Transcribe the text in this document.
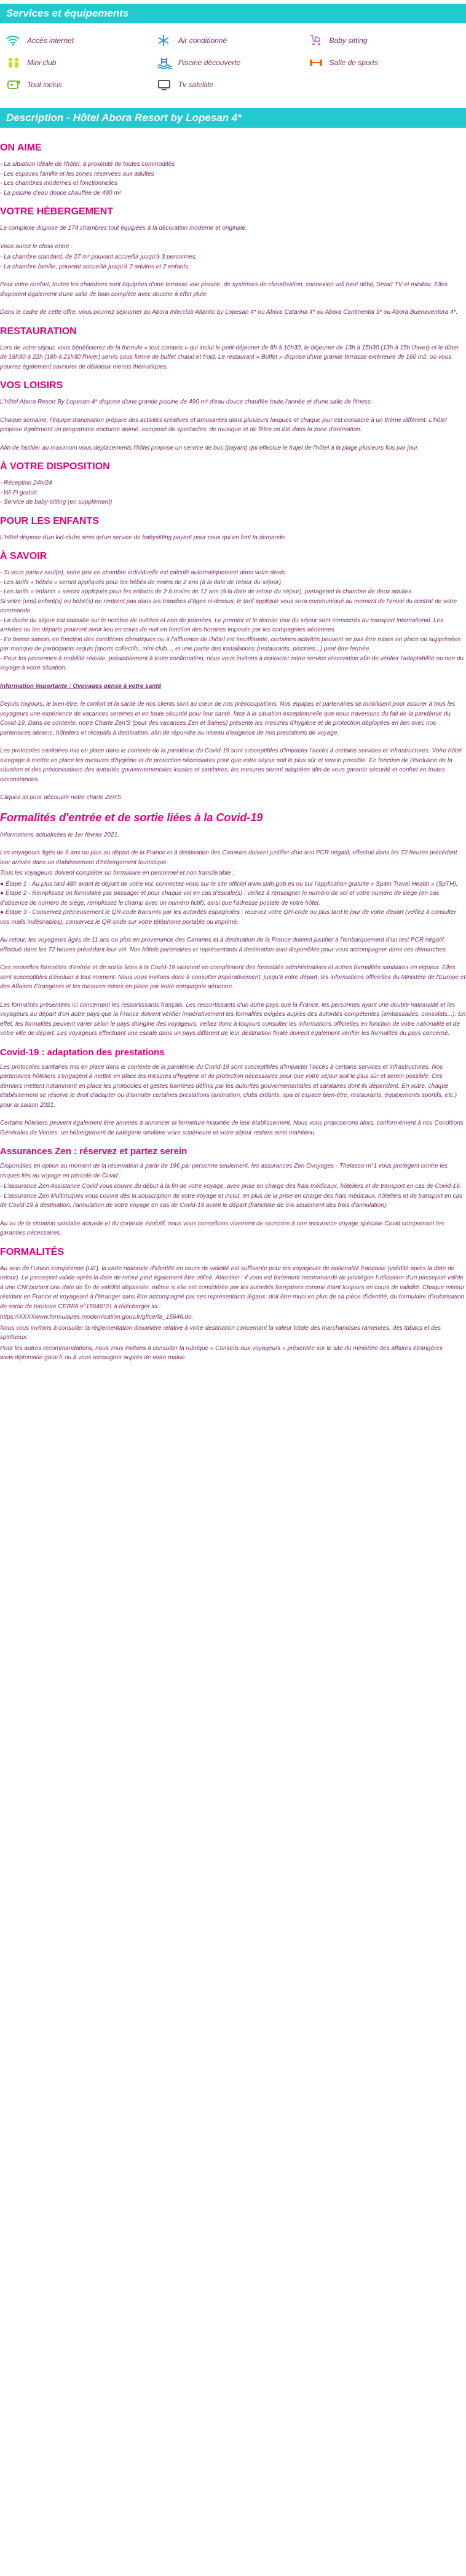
Services et équipements
Accès internet	Air conditionné	Baby sitting
Mini club	Piscine découverte	Salle de sports
Tout inclus	Tv satellite
Description - Hôtel Abora Resort by Lopesan 4*
ON AIME
- La situation idéale de l'hôtel, à proximité de toutes commodités
- Les espaces famille et les zones réservées aux adultes
- Les chambres modernes et fonctionnelles
- La piscine d'eau douce chauffée de 490 m²
VOTRE HÉBERGEMENT

Le complexe dispose de 174 chambres tout équipées à la décoration moderne et originale.

Vous aurez le choix entre :

- La chambre standard, de 27 m² pouvant accueillir jusqu'à 3 personnes,
- La chambre famille, pouvant accueillir jusqu'à 2 adultes et 2 enfants.

Pour votre confort, toutes les chambres sont équipées d'une terrasse vue piscine, de systèmes de climatisation, connexion wifi haut débit, Smart TV et minibar. Elles disposent également d'une salle de bain complète avec douche à effet pluie.

Dans le cadre de cette offre, vous pourrez séjourner au Abora Interclub Atlantic by Lopesan 4* ou Abora Catarina 4* ou Abora Continental 3* ou Abora Buenaventura 4*.

RESTAURATION

Lors de votre séjour, vous bénéficierez de la formule « tout compris » qui inclut le petit-déjeuner de 8h à 10h30, le déjeuner de 13h à 15h30 (13h à 15h l'hiver) et le dîner de 18h30 à 22h (18h à 21h30 l'hiver) servis sous forme de buffet chaud et froid. Le restaurant « Buffet » dispose d'une grande terrasse extérieure de 160 m2, où vous pourrez également savourer de délicieux menus thématiques.

VOS LOISIRS

L'hôtel Abora Resort By Lopesan 4* dispose d'une grande piscine de 490 m² d'eau douce chauffée toute l'année et d'une salle de fitness.

Chaque semaine, l'équipe d'animation prépare des activités créatives et amusantes dans plusieurs langues et chaque jour est consacré à un thème différent. L'hôtel propose également un programme nocturne animé, composé de spectacles, de musique et de fêtes en été dans la zone d'animation.

Afin de faciliter au maximum vous déplacements l'hôtel propose un service de bus (payant) qui effectue le trajet de l'hôtel à la plage plusieurs fois par jour.

À VOTRE DISPOSITION
- Réception 24h/24
- Wi-Fi gratuit
- Service de baby-sitting (en supplément)
POUR LES ENFANTS

L'hôtel dispose d'un kid-clubs ainsi qu'un service de babysitting payant pour ceux qui en font la demande.

À SAVOIR
- Si vous partez seul(e), votre prix en chambre individuelle est calculé automatiquement dans votre devis.
- Les tarifs « bébés » seront appliqués pour les bébés de moins de 2 ans (à la date de retour du séjour).
- Les tarifs « enfants » seront appliqués pour les enfants de 2 à moins de 12 ans (à la date de retour du séjour), partageant la chambre de deux adultes.
Si votre (vos) enfant(s) ou bébé(s) ne rentrent pas dans les tranches d'âges ci-dessus, le tarif appliqué vous sera communiqué au moment de l'envoi du contrat de votre commande.
- La durée du séjour est calculée sur le nombre de nuitées et non de journées. Le premier et le dernier jour du séjour sont consacrés au transport international. Les arrivées ou les départs pourront avoir lieu en cours de nuit en fonction des horaires imposés par les compagnies aériennes.
- En basse saison, en fonction des conditions climatiques ou à l'affluence de l'hôtel est insuffisante, certaines activités peuvent ne pas être mises en place ou supprimées par manque de participants requis (sports collectifs, mini-club..., et une partie des installations (restaurants, piscines...) peut être fermée.
- Pour les personnes à mobilité réduite, préalablement à toute confirmation, nous vous invitons à contacter notre service réservation afin de vérifier l'adaptabilité ou non du voyage à votre situation.

Information importante : Ovoyages pense à votre santé

Depuis toujours, le bien-être, le confort et la santé de nos clients sont au cœur de nos préoccupations. Nos équipes et partenaires se mobilisent pour assurer à tous les voyageurs une expérience de vacances sereines et en toute sécurité pour leur santé, face à la situation exceptionnelle que nous traversons du fait de la pandémie du Covid-19. Dans ce contexte, notre Charte Zen'S (pour des vacances Zen et Saines) présente les mesures d'hygiène et de protection déployées en lien avec nos partenaires aériens, hôteliers et réceptifs à destination, afin de répondre au niveau d'exigence de nos prestations de voyage.

Les protocoles sanitaires mis en place dans le contexte de la pandémie du Covid-19 sont susceptibles d'impacter l'accès à certains services et infrastructures. Votre hôtel s'engage à mettre en place les mesures d'hygiène et de protection nécessaires pour que votre séjour soit le plus sûr et serein possible. En fonction de l'évolution de la situation et des préconisations des autorités gouvernementales locales et sanitaires, les mesures seront adaptées afin de vous garantir sécurité et confort en toutes circonstances.

Cliquez ici pour découvrir notre charte Zen'S

Formalités d'entrée et de sortie liées à la Covid-19

Informations actualisées le 1er février 2021.

Les voyageurs âgés de 6 ans ou plus au départ de la France et à destination des Canaries doivent justifier d'un test PCR négatif, effectué dans les 72 heures précédant leur arrivée dans un établissement d'hébergement touristique.

Tous les voyageurs doivent compléter un formulaire en personnel et non transférable :

● Étape 1 - Au plus tard 48h avant le départ de votre vol, connectez-vous sur le site officiel www.spth.gob.es ou sur l'application gratuite « Spain Travel Health » (SpTH).
● Étape 2 - Remplissez un formulaire par passager et pour chaque vol en cas d'escale(s) : veillez à renseigner le numéro de vol et votre numéro de siège (en cas d'absence de numéro de siège, remplissez le champ avec un numéro fictif), ainsi que l'adresse postale de votre hôtel.
● Étape 3 - Conservez précieusement le QR-code transmis par les autorités espagnoles : recevez votre QR-code ou plus tard le jour de votre départ (veillez à consulter vos mails indésirables), conservez le QR-code sur votre téléphone portable ou imprimé.

Au retour, les voyageurs âgés de 11 ans ou plus en provenance des Canaries et à destination de la France doivent justifier à l'embarquement d'un test PCR négatif, effectué dans les 72 heures précédant leur vol. Nos hôtels partenaires et représentants à destination sont disponibles pour vous accompagner dans ces démarches.

Ces nouvelles formalités d'entrée et de sortie liées à la Covid-19 viennent en complément des formalités administratives et autres formalités sanitaires en vigueur. Elles sont susceptibles d'évoluer à tout moment. Nous vous invitons donc à consulter impérativement, jusqu'à votre départ, les informations officielles du Ministère de l'Europe et des Affaires Étrangères et les mesures mises en place par votre compagnie aérienne.

Les formalités présentées ici concernent les ressortissants français. Les ressortissants d'un autre pays que la France, les personnes ayant une double nationalité et les voyageurs au départ d'un autre pays que la France doivent vérifier impérativement les formalités exigées auprès des autorités compétentes (ambassades, consulats...). En effet, les formalités peuvent varier selon le pays d'origine des voyageurs, veillez donc à toujours consulter les informations officielles en fonction de votre nationalité et de votre ville de départ. Les voyageurs effectuant une escale dans un pays différent de leur destination finale doivent également vérifier les formalités du pays concerné.

Covid-19 : adaptation des prestations

Les protocoles sanitaires mis en place dans le contexte de la pandémie du Covid-19 sont susceptibles d'impacter l'accès à certains services et infrastructures. Nos partenaires hôteliers s'engagent à mettre en place les mesures d'hygiène et de protection nécessaires pour que votre séjour soit le plus sûr et serein possible. Ces derniers mettent notamment en place les protocoles et gestes barrières définis par les autorités gouvernementales et sanitaires dont ils dépendent. En outre, chaque établissement se réserve le droit d'adapter ou d'annuler certaines prestations (animation, clubs enfants, spa et espace bien-être, restaurants, équipements sportifs, etc.) pour la saison 2021.

Certains hôteliers peuvent également être amenés à annoncer la fermeture inopinée de leur établissement. Nous vous proposerons alors, conformément à nos Conditions Générales de Ventes, un hébergement de catégorie similaire voire supérieure et votre séjour restera ainsi maintenu.

Assurances Zen : réservez et partez serein

Disponibles en option au moment de la réservation à partir de 19€ par personne seulement, les assurances Zen Ovoyages - Thelasso m°1 vous protègent contre les risques liés au voyage en période de Covid :

- L'assurance Zen Assistance Covid vous couvre du début à la fin de votre voyage, avec prise en charge des frais médicaux, hôteliers et de transport en cas de Covid-19.
- L'assurance Zen Multirisques vous couvre dès la souscription de votre voyage et inclut, en plus de la prise en charge des frais médicaux, hôteliers et de transport en cas de Covid-19 à destination, l'annulation de votre voyage en cas de Covid-19 avant le départ (franchise de 5% seulement des frais d'annulation).

Au vu de la situation sanitaire actuelle et du contexte évolutif, nous vous conseillons vivement de souscrire à une assurance voyage spéciale Covid comprenant les garanties nécessaires.

FORMALITÉS

Au sein de l'Union européenne (UE), la carte nationale d'identité en cours de validité est suffisante pour les voyageurs de nationalité française (validité après la date de retour). Le passeport valide après la date de retour peut également être utilisé. Attention : il vous est fortement recommandé de privilégier l'utilisation d'un passeport valide à une CNI portant une date de fin de validité dépassée, même si elle est considérée par les autorités françaises comme étant toujours en cours de validité. Chaque mineur résidant en France et voyageant à l'étranger sans être accompagné par ses représentants légaux, doit être muni en plus de sa pièce d'identité, du formulaire d'autorisation de sortie de territoire CERFA n°15646*01 à télécharger ici :

https://XXXXwww.formulaires.modernisation.gouv.fr/gf/cerfa_15646.do.

Nous vous invitons à consulter la réglementation douanière relative à votre destination concernant la valeur totale des marchandises ramenées, des tabacs et des spiritueux.

Pour les autres recommandations, nous vous invitons à consulter la rubrique « Conseils aux voyageurs » présentée sur le site du ministère des affaires étrangères www.diplomatie.gouv.fr ou à vous renseigner auprès de votre mairie.
